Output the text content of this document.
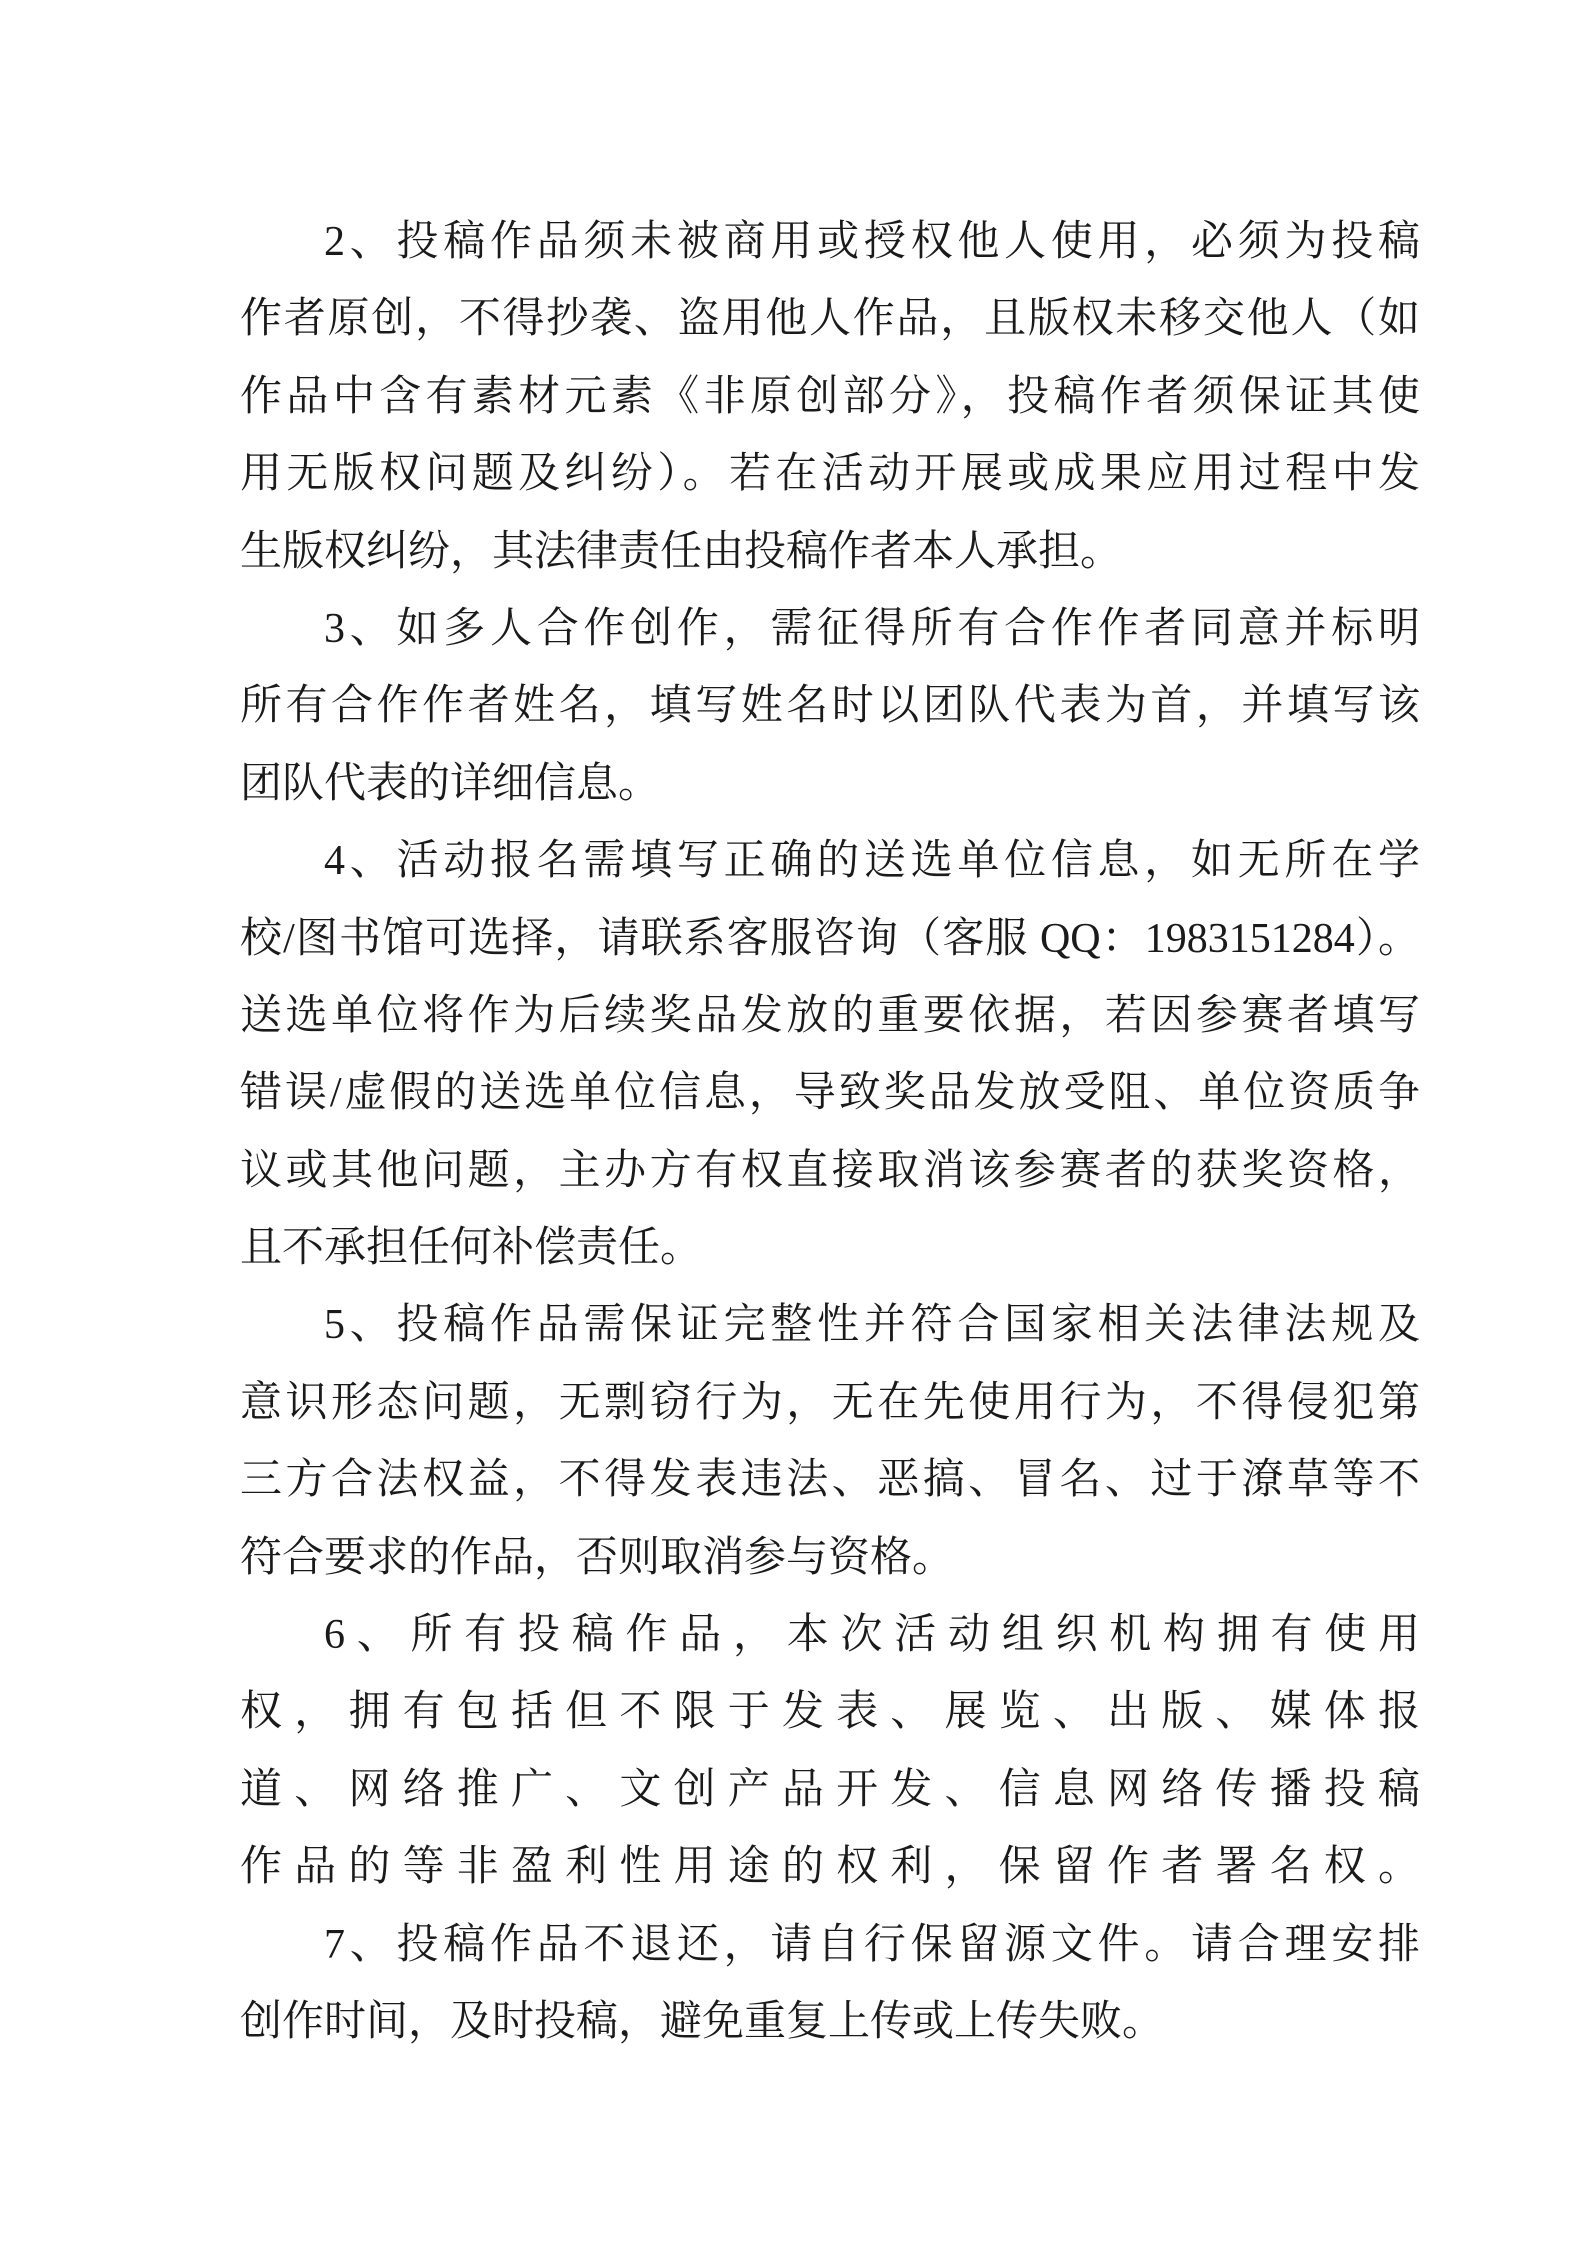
2、投稿作品须未被商用或授权他人使用，必须为投稿
作者原创，不得抄袭、盗用他人作品，且版权未移交他人（如
作品中含有素材元素《非原创部分》，投稿作者须保证其使
用无版权问题及纠纷）。若在活动开展或成果应用过程中发
生版权纠纷，其法律责任由投稿作者本人承担。
3、如多人合作创作，需征得所有合作作者同意并标明
所有合作作者姓名，填写姓名时以团队代表为首，并填写该
团队代表的详细信息。
4、活动报名需填写正确的送选单位信息，如无所在学
校/图书馆可选择，请联系客服咨询（客服 QQ：1983151284）。
送选单位将作为后续奖品发放的重要依据，若因参赛者填写
错误/虚假的送选单位信息，导致奖品发放受阻、单位资质争
议或其他问题，主办方有权直接取消该参赛者的获奖资格，
且不承担任何补偿责任。
5、投稿作品需保证完整性并符合国家相关法律法规及
意识形态问题，无剽窃行为，无在先使用行为，不得侵犯第
三方合法权益，不得发表违法、恶搞、冒名、过于潦草等不
符合要求的作品，否则取消参与资格。
6、所有投稿作品，本次活动组织机构拥有使用
权，拥有包括但不限于发表、展览、出版、媒体报
道、网络推广、文创产品开发、信息网络传播投稿
作品的等非盈利性用途的权利，保留作者署名权。
7、投稿作品不退还，请自行保留源文件。请合理安排
创作时间，及时投稿，避免重复上传或上传失败。
